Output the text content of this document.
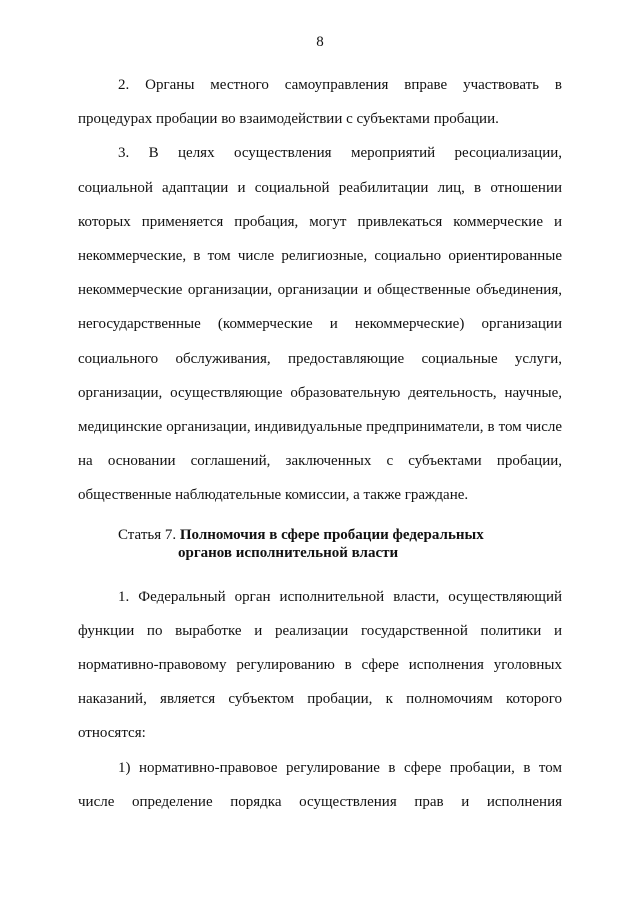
8

2. Органы местного самоуправления вправе участвовать в процедурах пробации во взаимодействии с субъектами пробации.

3. В целях осуществления мероприятий ресоциализации, социальной адаптации и социальной реабилитации лиц, в отношении которых применяется пробация, могут привлекаться коммерческие и некоммерческие, в том числе религиозные, социально ориентированные некоммерческие организации, организации и общественные объединения, негосударственные (коммерческие и некоммерческие) организации социального обслуживания, предоставляющие социальные услуги, организации, осуществляющие образовательную деятельность, научные, медицинские организации, индивидуальные предприниматели, в том числе на основании соглашений, заключенных с субъектами пробации, общественные наблюдательные комиссии, а также граждане.

Статья 7. Полномочия в сфере пробации федеральных
органов исполнительной власти

1. Федеральный орган исполнительной власти, осуществляющий функции по выработке и реализации государственной политики и нормативно-правовому регулированию в сфере исполнения уголовных наказаний, является субъектом пробации, к полномочиям которого относятся:

1) нормативно-правовое регулирование в сфере пробации, в том числе определение порядка осуществления прав и исполнения
